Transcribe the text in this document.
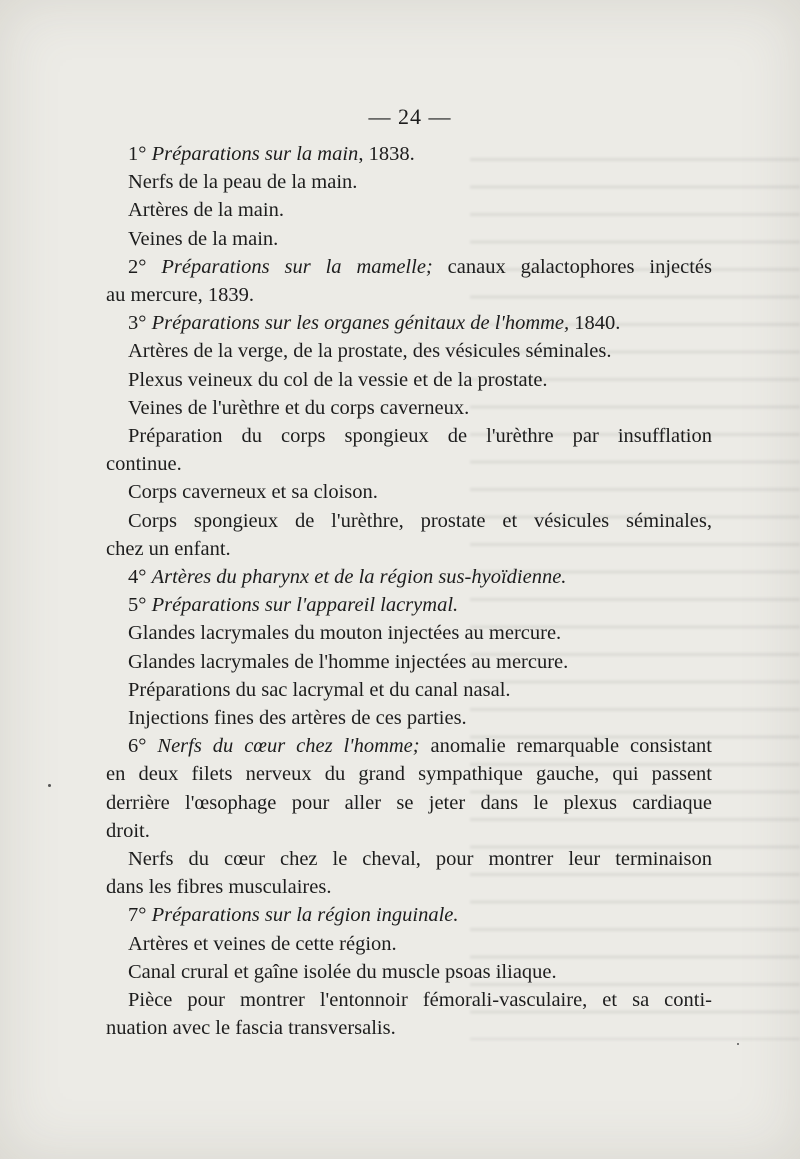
— 24 —
1° Préparations sur la main, 1838.
Nerfs de la peau de la main.
Artères de la main.
Veines de la main.
2° Préparations sur la mamelle; canaux galactophores injectés
au mercure, 1839.
3° Préparations sur les organes génitaux de l'homme, 1840.
Artères de la verge, de la prostate, des vésicules séminales.
Plexus veineux du col de la vessie et de la prostate.
Veines de l'urèthre et du corps caverneux.
Préparation du corps spongieux de l'urèthre par insufflation
continue.
Corps caverneux et sa cloison.
Corps spongieux de l'urèthre, prostate et vésicules séminales,
chez un enfant.
4° Artères du pharynx et de la région sus-hyoïdienne.
5° Préparations sur l'appareil lacrymal.
Glandes lacrymales du mouton injectées au mercure.
Glandes lacrymales de l'homme injectées au mercure.
Préparations du sac lacrymal et du canal nasal.
Injections fines des artères de ces parties.
6° Nerfs du cœur chez l'homme; anomalie remarquable consistant
en deux filets nerveux du grand sympathique gauche, qui passent
derrière l'œsophage pour aller se jeter dans le plexus cardiaque
droit.
Nerfs du cœur chez le cheval, pour montrer leur terminaison
dans les fibres musculaires.
7° Préparations sur la région inguinale.
Artères et veines de cette région.
Canal crural et gaîne isolée du muscle psoas iliaque.
Pièce pour montrer l'entonnoir fémorali-vasculaire, et sa conti-
nuation avec le fascia transversalis.
